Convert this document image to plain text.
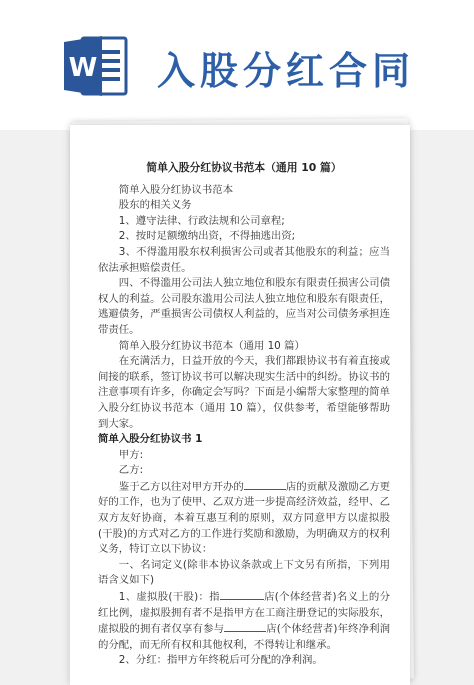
W 入股分红合同

简单入股分红协议书范本（通用 10 篇）

简单入股分红协议书范本

股东的相关义务

1、遵守法律、行政法规和公司章程;

2、按时足额缴纳出资，不得抽逃出资;

3、不得滥用股东权利损害公司或者其他股东的利益；应当依法承担赔偿责任。

四、不得滥用公司法人独立地位和股东有限责任损害公司债权人的利益。公司股东滥用公司法人独立地位和股东有限责任，逃避债务，严重损害公司债权人利益的，应当对公司债务承担连带责任。

简单入股分红协议书范本（通用 10 篇）

在充满活力，日益开放的今天，我们都跟协议书有着直接或间接的联系，签订协议书可以解决现实生活中的纠纷。协议书的注意事项有许多，你确定会写吗？下面是小编帮大家整理的简单入股分红协议书范本（通用 10 篇），仅供参考，希望能够帮助到大家。

简单入股分红协议书 1

甲方:

乙方:

鉴于乙方以往对甲方开办的	店的贡献及激励乙方更好的工作，也为了使甲、乙双方进一步提高经济效益，经甲、乙双方友好协商，本着互惠互利的原则，双方同意甲方以虚拟股(干股)的方式对乙方的工作进行奖励和激励，为明确双方的权利义务，特订立以下协议：

一、名词定义(除非本协议条款或上下文另有所指，下列用语含义如下)

1、虚拟股(干股)：指	店(个体经营者)名义上的分红比例，虚拟股拥有者不是指甲方在工商注册登记的实际股东，虚拟股的拥有者仅享有参与	店(个体经营者)年终净利润的分配，而无所有权和其他权利，不得转让和继承。

2、分红：指甲方年终税后可分配的净利润。
